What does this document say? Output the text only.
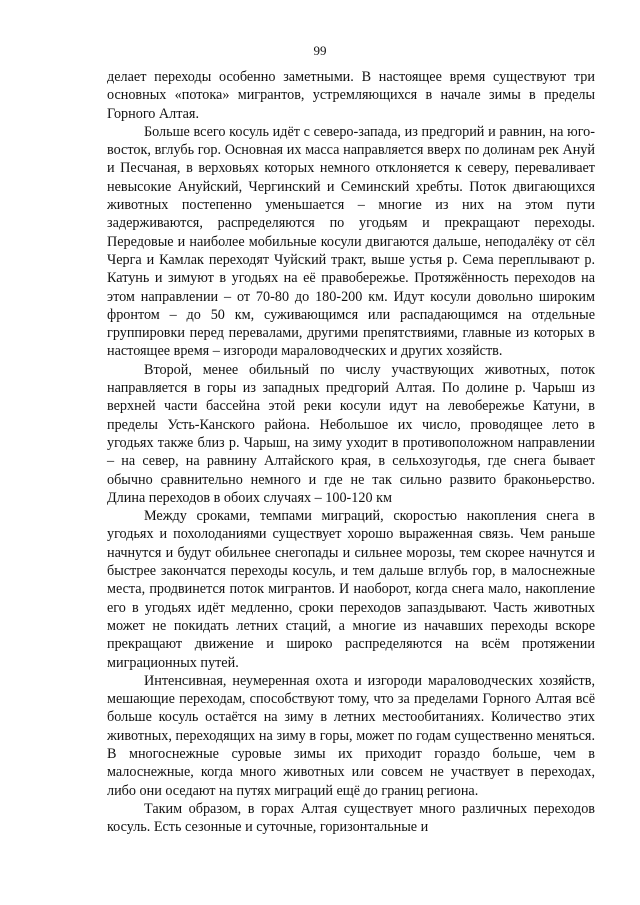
99

делает переходы особенно заметными. В настоящее время существуют три основных «потока» мигрантов, устремляющихся в начале зимы в пределы Горного Алтая.

Больше всего косуль идёт с северо-запада, из предгорий и равнин, на юго-восток, вглубь гор. Основная их масса направляется вверх по долинам рек Ануй и Песчаная, в верховьях которых немного отклоняется к северу, переваливает невысокие Ануйский, Чергинский и Семинский хребты. Поток двигающихся животных постепенно уменьшается – многие из них на этом пути задерживаются, распределяются по угодьям и прекращают переходы. Передовые и наиболее мобильные косули двигаются дальше, неподалёку от сёл Черга и Камлак переходят Чуйский тракт, выше устья р. Сема переплывают р. Катунь и зимуют в угодьях на её правобережье. Протяжённость переходов на этом направлении – от 70-80 до 180-200 км. Идут косули довольно широким фронтом – до 50 км, суживающимся или распадающимся на отдельные группировки перед перевалами, другими препятствиями, главные из которых в настоящее время – изгороди мараловодческих и других хозяйств.

Второй, менее обильный по числу участвующих животных, поток направляется в горы из западных предгорий Алтая. По долине р. Чарыш из верхней части бассейна этой реки косули идут на левобережье Катуни, в пределы Усть-Канского района. Небольшое их число, проводящее лето в угодьях также близ р. Чарыш, на зиму уходит в противоположном направлении – на север, на равнину Алтайского края, в сельхозугодья, где снега бывает обычно сравнительно немного и где не так сильно развито браконьерство. Длина переходов в обоих случаях – 100-120 км

Между сроками, темпами миграций, скоростью накопления снега в угодьях и похолоданиями существует хорошо выраженная связь. Чем раньше начнутся и будут обильнее снегопады и сильнее морозы, тем скорее начнутся и быстрее закончатся переходы косуль, и тем дальше вглубь гор, в малоснежные места, продвинется поток мигрантов. И наоборот, когда снега мало, накопление его в угодьях идёт медленно, сроки переходов запаздывают. Часть животных может не покидать летних стаций, а многие из начавших переходы вскоре прекращают движение и широко распределяются на всём протяжении миграционных путей.

Интенсивная, неумеренная охота и изгороди мараловодческих хозяйств, мешающие переходам, способствуют тому, что за пределами Горного Алтая всё больше косуль остаётся на зиму в летних местообитаниях. Количество этих животных, переходящих на зиму в горы, может по годам существенно меняться. В многоснежные суровые зимы их приходит гораздо больше, чем в малоснежные, когда много животных или совсем не участвует в переходах, либо они оседают на путях миграций ещё до границ региона.

Таким образом, в горах Алтая существует много различных переходов косуль. Есть сезонные и суточные, горизонтальные и
